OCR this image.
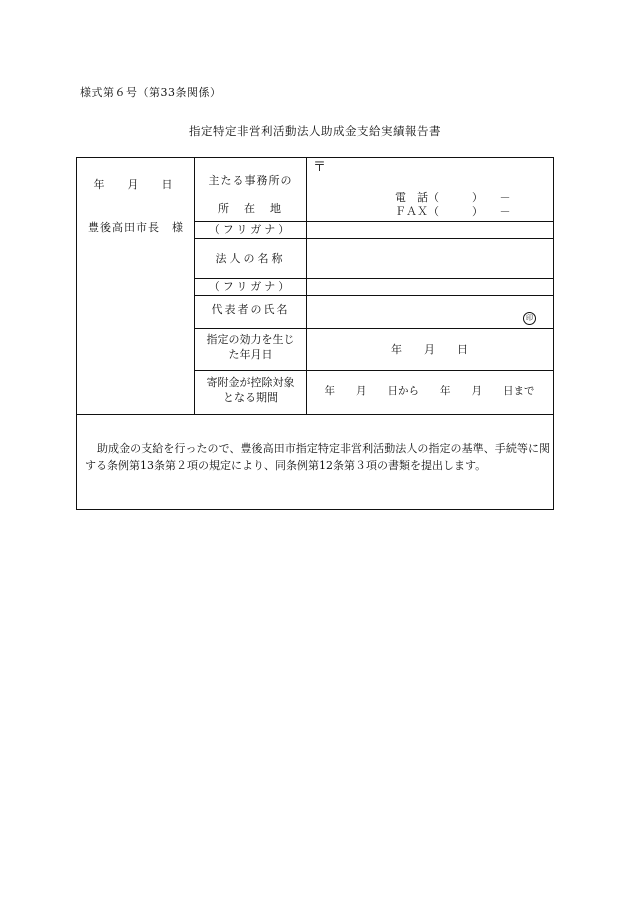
様式第６号（第33条関係）
指定特定非営利活動法人助成金支給実績報告書
年　月　日
豊後高田市長　様
主たる事務所の
所　在　地
〒
電　話（　　　）　　－
ＦＡＸ（　　　）　　－
（フリガナ）
法人の名称
（フリガナ）
代表者の氏名
印
指定の効力を生じ
た年月日	年　　月　　日
寄附金が控除対象
となる期間	年　　月　　日から　　年　　月　　日まで
助成金の支給を行ったので、豊後高田市指定特定非営利活動法人の指定の基準、手続等に関する条例第13条第２項の規定により、同条例第12条第３項の書類を提出します。
